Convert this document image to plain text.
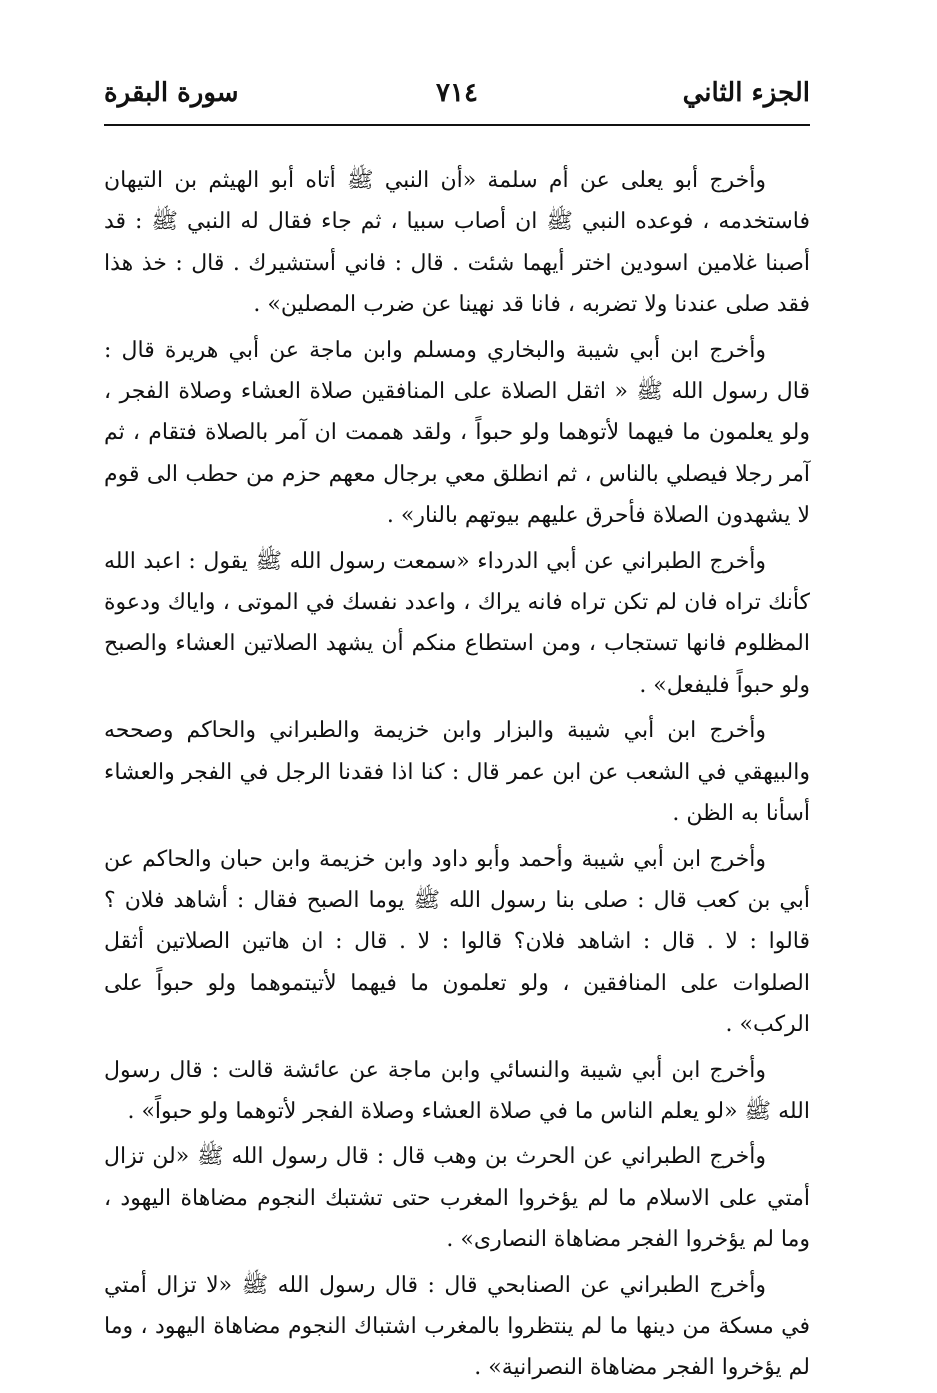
الجزء الثاني
٧١٤
سورة البقرة

وأخرج أبو يعلى عن أم سلمة «أن النبي ﷺ أتاه أبو الهيثم بن التيهان فاستخدمه ، فوعده النبي ﷺ ان أصاب سبيا ، ثم جاء فقال له النبي ﷺ : قد أصبنا غلامين اسودين اختر أيهما شئت . قال : فاني أستشيرك . قال : خذ هذا فقد صلى عندنا ولا تضربه ، فانا قد نهينا عن ضرب المصلين» .

وأخرج ابن أبي شيبة والبخاري ومسلم وابن ماجة عن أبي هريرة قال : قال رسول الله ﷺ « اثقل الصلاة على المنافقين صلاة العشاء وصلاة الفجر ، ولو يعلمون ما فيهما لأتوهما ولو حبواً ، ولقد هممت ان آمر بالصلاة فتقام ، ثم آمر رجلا فيصلي بالناس ، ثم انطلق معي برجال معهم حزم من حطب الى قوم لا يشهدون الصلاة فأحرق عليهم بيوتهم بالنار» .

وأخرج الطبراني عن أبي الدرداء «سمعت رسول الله ﷺ يقول : اعبد الله كأنك تراه فان لم تكن تراه فانه يراك ، واعدد نفسك في الموتى ، واياك ودعوة المظلوم فانها تستجاب ، ومن استطاع منكم أن يشهد الصلاتين العشاء والصبح ولو حبواً فليفعل» .

وأخرج ابن أبي شيبة والبزار وابن خزيمة والطبراني والحاكم وصححه والبيهقي في الشعب عن ابن عمر قال : كنا اذا فقدنا الرجل في الفجر والعشاء أسأنا به الظن .

وأخرج ابن أبي شيبة وأحمد وأبو داود وابن خزيمة وابن حبان والحاكم عن أبي بن كعب قال : صلى بنا رسول الله ﷺ يوما الصبح فقال : أشاهد فلان ؟ قالوا : لا . قال : اشاهد فلان؟ قالوا : لا . قال : ان هاتين الصلاتين أثقل الصلوات على المنافقين ، ولو تعلمون ما فيهما لأتيتموهما ولو حبواً على الركب» .

وأخرج ابن أبي شيبة والنسائي وابن ماجة عن عائشة قالت : قال رسول الله ﷺ «لو يعلم الناس ما في صلاة العشاء وصلاة الفجر لأتوهما ولو حبواً» .

وأخرج الطبراني عن الحرث بن وهب قال : قال رسول الله ﷺ «لن تزال أمتي على الاسلام ما لم يؤخروا المغرب حتى تشتبك النجوم مضاهاة اليهود ، وما لم يؤخروا الفجر مضاهاة النصارى» .

وأخرج الطبراني عن الصنابحي قال : قال رسول الله ﷺ «لا تزال أمتي في مسكة من دينها ما لم ينتظروا بالمغرب اشتباك النجوم مضاهاة اليهود ، وما لم يؤخروا الفجر مضاهاة النصرانية» .
